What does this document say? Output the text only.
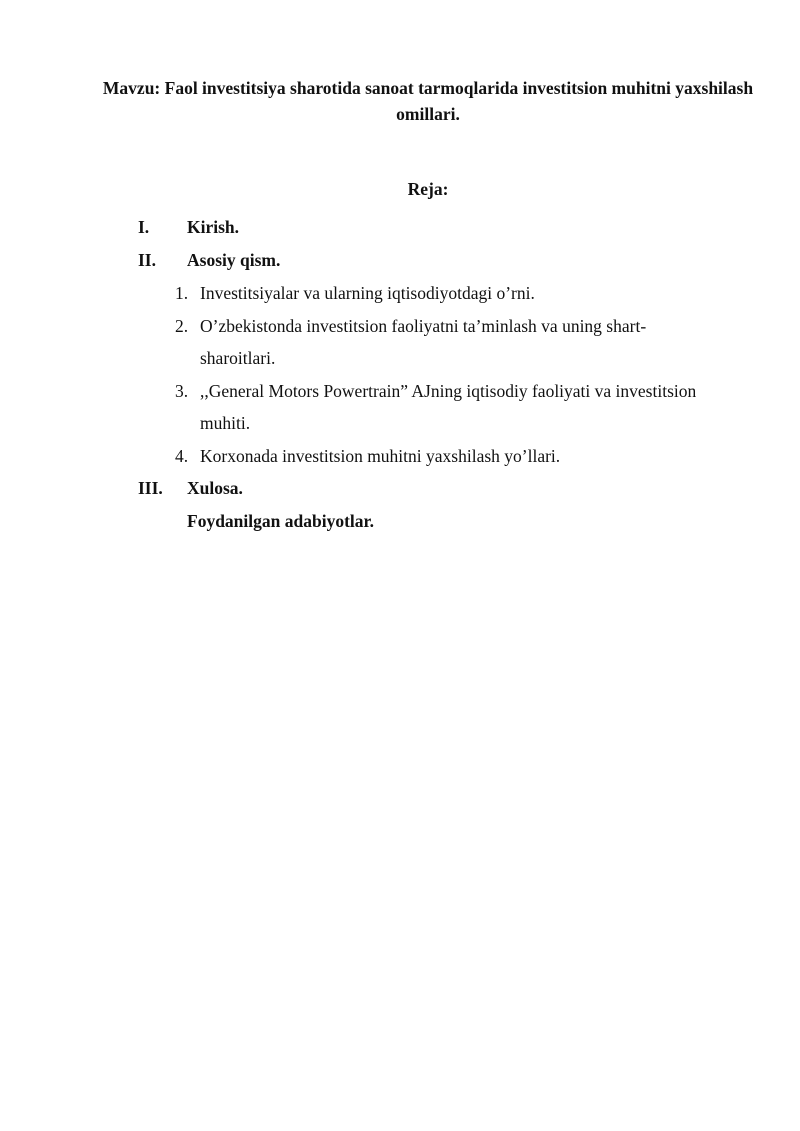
Mavzu: Faol investitsiya sharotida sanoat tarmoqlarida investitsion muhitni yaxshilash omillari.
Reja:
I. Kirish.
II. Asosiy qism.
1. Investitsiyalar va ularning iqtisodiyotdagi o’rni.
2. O’zbekistonda investitsion faoliyatni ta’minlash va uning shart-sharoitlari.
3. ,,General Motors Powertrain” AJning iqtisodiy faoliyati va investitsion muhiti.
4. Korxonada investitsion muhitni yaxshilash yo’llari.
III. Xulosa.
Foydanilgan adabiyotlar.
